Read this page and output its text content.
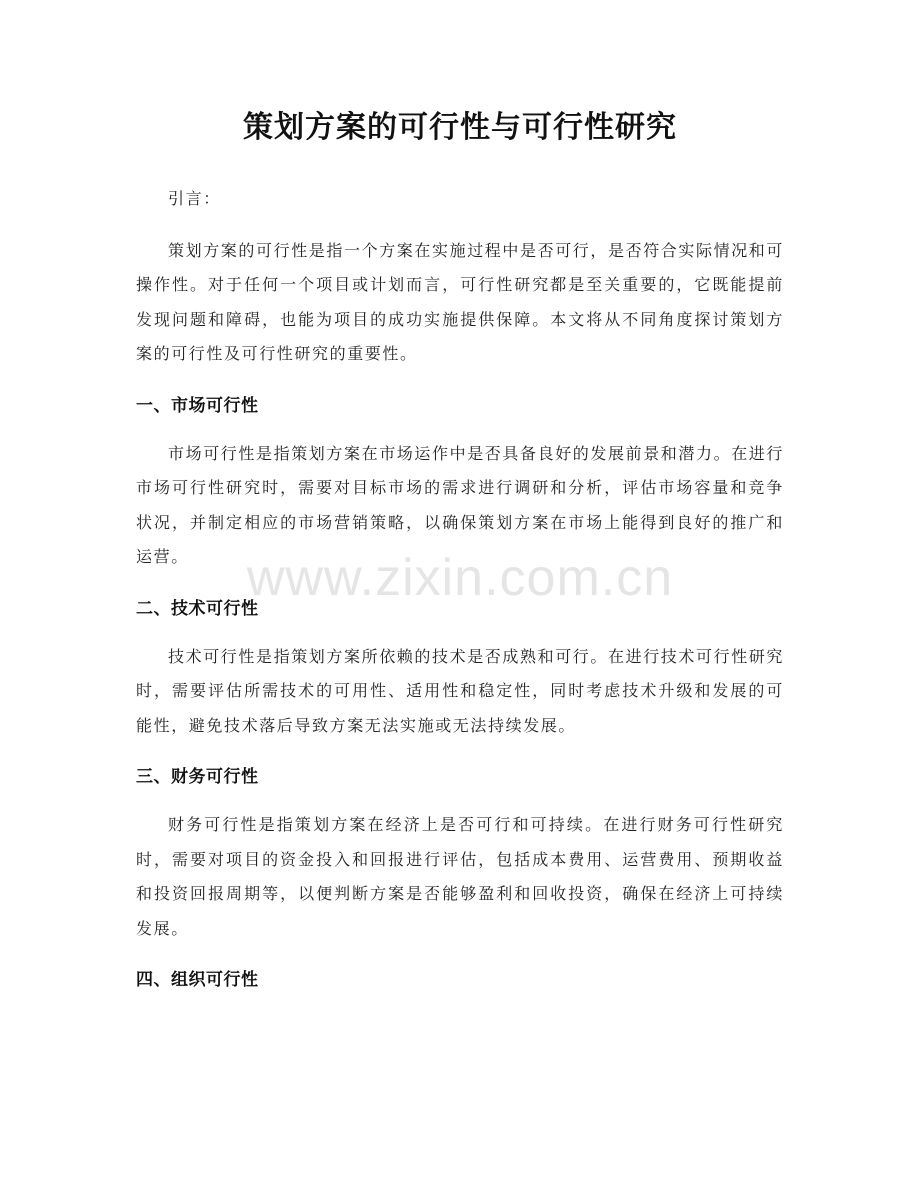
策划方案的可行性与可行性研究

引言：

策划方案的可行性是指一个方案在实施过程中是否可行，是否符合实际情况和可操作性。对于任何一个项目或计划而言，可行性研究都是至关重要的，它既能提前发现问题和障碍，也能为项目的成功实施提供保障。本文将从不同角度探讨策划方案的可行性及可行性研究的重要性。

一、市场可行性

市场可行性是指策划方案在市场运作中是否具备良好的发展前景和潜力。在进行市场可行性研究时，需要对目标市场的需求进行调研和分析，评估市场容量和竞争状况，并制定相应的市场营销策略，以确保策划方案在市场上能得到良好的推广和运营。

二、技术可行性

技术可行性是指策划方案所依赖的技术是否成熟和可行。在进行技术可行性研究时，需要评估所需技术的可用性、适用性和稳定性，同时考虑技术升级和发展的可能性，避免技术落后导致方案无法实施或无法持续发展。

三、财务可行性

财务可行性是指策划方案在经济上是否可行和可持续。在进行财务可行性研究时，需要对项目的资金投入和回报进行评估，包括成本费用、运营费用、预期收益和投资回报周期等，以便判断方案是否能够盈利和回收投资，确保在经济上可持续发展。

四、组织可行性
www.zixin.com.cn
